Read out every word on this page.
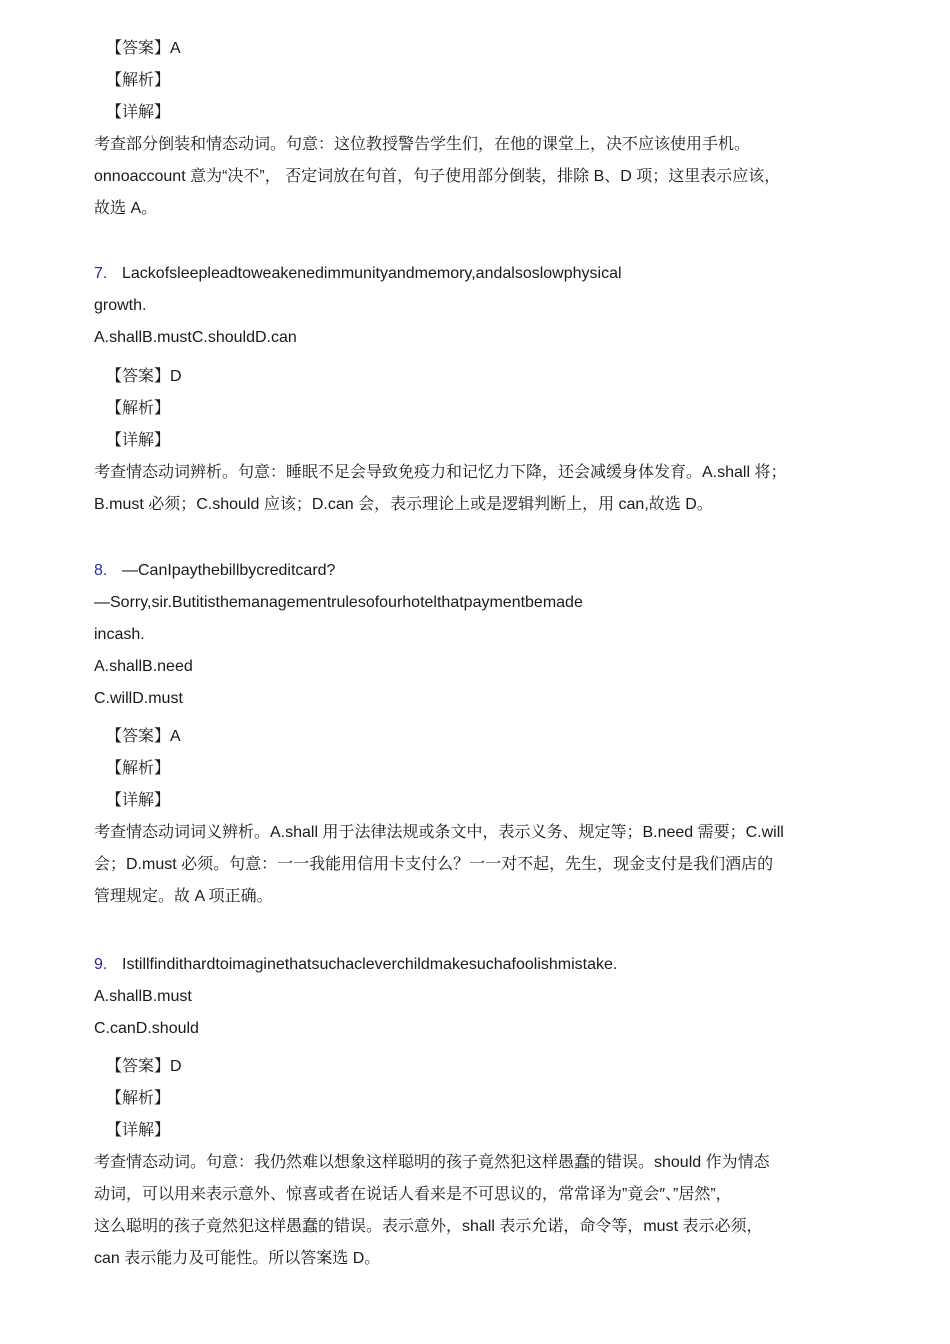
【答案】A
【解析】
【详解】
考查部分倒装和情态动词。句意：这位教授警告学生们，在他的课堂上，决不应该使用手机。
onnoaccount 意为“决不”， 否定词放在句首，句子使用部分倒装，排除 B、D 项；这里表示应该，
故选 A。
7. Lackofsleepleadtoweakenedimmunityandmemory,andalsoslowphysical
growth.
A.shallB.mustC.shouldD.can
【答案】D
【解析】
【详解】
考查情态动词辨析。句意：睡眠不足会导致免疫力和记忆力下降，还会减缓身体发育。A.shall 将；
B.must 必须；C.should 应该；D.can 会，表示理论上或是逻辑判断上，用 can,故选 D。
8. —CanIpaythebillbycreditcard?
—Sorry,sir.Butitisthemanagementrulesofourhotelthatpaymentbemade
incash.
A.shallB.need
C.willD.must
【答案】A
【解析】
【详解】
考查情态动词词义辨析。A.shall 用于法律法规或条文中，表示义务、规定等；B.need 需要；C.will
会；D.must 必须。句意：一一我能用信用卡支付么？一一对不起，先生，现金支付是我们酒店的
管理规定。故 A 项正确。
9. Istillfindithardtoimaginethatsuchacleverchildmakesuchafoolishmistake.
A.shallB.must
C.canD.should
【答案】D
【解析】
【详解】
考查情态动词。句意：我仍然难以想象这样聪明的孩子竟然犯这样愚蠢的错误。should 作为情态
动词，可以用来表示意外、惊喜或者在说话人看来是不可思议的，常常译为”竟会″、”居然”，
这么聪明的孩子竟然犯这样愚蠢的错误。表示意外，shall 表示允诺，命令等，must 表示必须，
can 表示能力及可能性。所以答案选 D。
